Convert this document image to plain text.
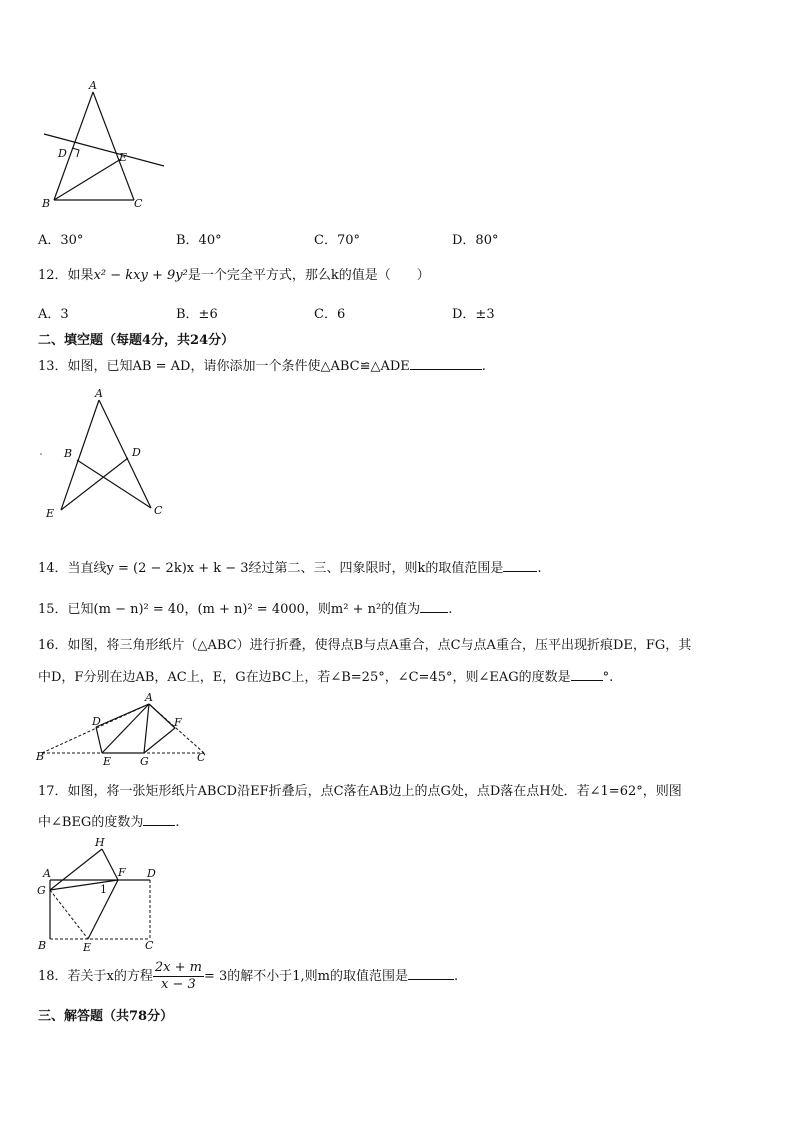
A
D	E
B	C
A．30°	B．40°	C．70°	D．80°
12．如果x² − kxy + 9y²是一个完全平方式，那么k的值是（　　）
A．3	B．±6	C．6	D．±3
二、填空题（每题4分，共24分）
13．如图，已知AB = AD，请你添加一个条件使△ABC≌△ADE	.
A
B	D
E	C
14．当直线y = (2 − 2k)x + k − 3经过第二、三、四象限时，则k的取值范围是	.
15．已知(m − n)² = 40，(m + n)² = 4000，则m² + n²的值为 .
16．如图，将三角形纸片（△ABC）进行折叠，使得点B与点A重合，点C与点A重合，压平出现折痕DE，FG，其
中D，F分别在边AB，AC上，E，G在边BC上，若∠B=25°，∠C=45°，则∠EAG的度数是 °.
A
D	F
B	E	G	C
17．如图，将一张矩形纸片ABCD沿EF折叠后，点C落在AB边上的点G处，点D落在点H处．若∠1=62°，则图
中∠BEG的度数为 .
H
A	F D
G	1
B	E	C
18．若关于x的方程 $\frac{2x + m}{x - 3} = 3$的解不小于1,则m的取值范围是	.
三、解答题（共78分）
